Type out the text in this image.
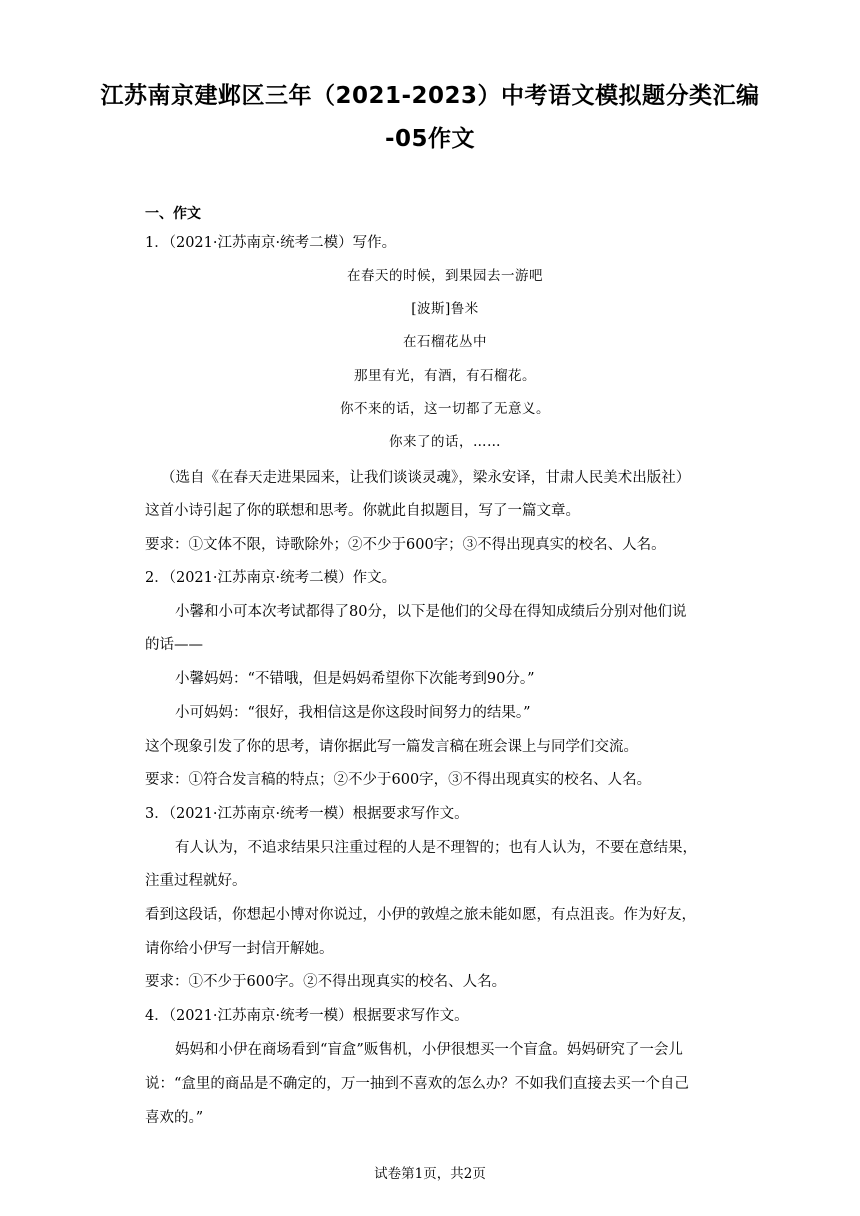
江苏南京建邺区三年（2021-2023）中考语文模拟题分类汇编
-05作文
一、作文
1．（2021·江苏南京·统考二模）写作。
在春天的时候，到果园去一游吧
[波斯]鲁米
在石榴花丛中
那里有光，有酒，有石榴花。
你不来的话，这一切都了无意义。
你来了的话，……
（选自《在春天走进果园来，让我们谈谈灵魂》，梁永安译，甘肃人民美术出版社）
这首小诗引起了你的联想和思考。你就此自拟题目，写了一篇文章。
要求：①文体不限，诗歌除外；②不少于600字；③不得出现真实的校名、人名。
2．（2021·江苏南京·统考二模）作文。
小馨和小可本次考试都得了80分，以下是他们的父母在得知成绩后分别对他们说
的话——
小馨妈妈：“不错哦，但是妈妈希望你下次能考到90分。”
小可妈妈：“很好，我相信这是你这段时间努力的结果。”
这个现象引发了你的思考，请你据此写一篇发言稿在班会课上与同学们交流。
要求：①符合发言稿的特点；②不少于600字，③不得出现真实的校名、人名。
3．（2021·江苏南京·统考一模）根据要求写作文。
有人认为，不追求结果只注重过程的人是不理智的；也有人认为，不要在意结果，
注重过程就好。
看到这段话，你想起小博对你说过，小伊的敦煌之旅未能如愿，有点沮丧。作为好友，
请你给小伊写一封信开解她。
要求：①不少于600字。②不得出现真实的校名、人名。
4．（2021·江苏南京·统考一模）根据要求写作文。
妈妈和小伊在商场看到“盲盒”贩售机，小伊很想买一个盲盒。妈妈研究了一会儿
说：“盒里的商品是不确定的，万一抽到不喜欢的怎么办？不如我们直接去买一个自己
喜欢的。”
试卷第1页，共2页
